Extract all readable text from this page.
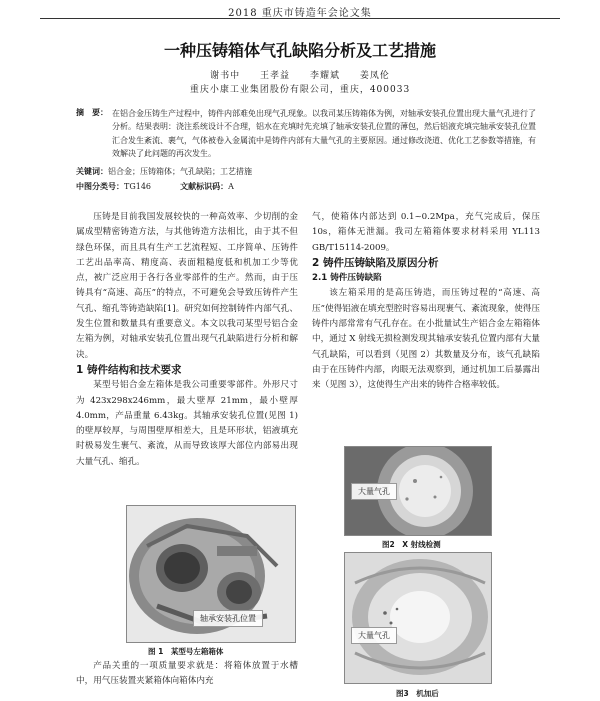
2018 重庆市铸造年会论文集
一种压铸箱体气孔缺陷分析及工艺措施
谢书中 王孝益 李耀斌 姜凤伦
重庆小康工业集团股份有限公司，重庆，400033
摘　要： 在铝合金压铸生产过程中，铸件内部难免出现气孔现象。以我司某压铸箱体为例，对轴承安装孔位置出现大量气孔进行了分析。结果表明：浇注系统设计不合理，铝水在充填时先充填了轴承安装孔位置的薄包，然后铝液充填完轴承安装孔位置汇合发生紊流、裹气，气体被卷入金属流中是铸件内部有大量气孔的主要原因。通过修改浇道、优化工艺参数等措施，有效解决了此问题的再次发生。
关键词：铝合金；压铸箱体；气孔缺陷；工艺措施
中图分类号：TG146	文献标识码：A

压铸是目前我国发展较快的一种高效率、少切削的金属成型精密铸造方法，与其他铸造方法相比，由于其不但绿色环保，而且具有生产工艺流程短、工序简单、压铸件工艺出品率高、精度高、表面粗糙度低和机加工少等优点，被广泛应用于各行各业零部件的生产。然而，由于压铸具有“高速、高压”的特点，不可避免会导致压铸件产生气孔、缩孔等铸造缺陷[1]。研究如何控制铸件内部气孔、发生位置和数量具有重要意义。本文以我司某型号铝合金左箱为例，对轴承安装孔位置出现气孔缺陷进行分析和解决。

1 铸件结构和技术要求

某型号铝合金左箱体是我公司重要零部件。外形尺寸为 423x298x246mm，最大壁厚 21mm，最小壁厚 4.0mm，产品重量 6.43kg。其轴承安装孔位置(见图 1)的壁厚较厚，与周围壁厚相差大，且是环形状，铝液填充时极易发生裹气、紊流，从而导致该厚大部位内部易出现大量气孔、缩孔。

轴承安装孔位置
图 1　某型号左箱箱体

产品关重的一项质量要求就是：将箱体放置于水槽中，用气压装置夹紧箱体向箱体内充

气，使箱体内部达到 0.1~0.2Mpa，充气完成后，保压 10s，箱体无泄漏。我司左箱箱体要求材料采用 YL113 GB/T15114-2009。

2 铸件压铸缺陷及原因分析

2.1 铸件压铸缺陷

该左箱采用的是高压铸造，而压铸过程的“高速、高压”使得铝液在填充型腔时容易出现裹气、紊流现象，使得压铸件内部常常有气孔存在。在小批量试生产铝合金左箱箱体中，通过 X 射线无损检测发现其轴承安装孔位置内部有大量气孔缺陷，可以看到（见图 2）其数量及分布，该气孔缺陷由于在压铸件内部，肉眼无法观察到，通过机加工后暴露出来（见图 3），这使得生产出来的铸件合格率较低。

大量气孔
图2　X 射线检测
大量气孔
图3　机加后
